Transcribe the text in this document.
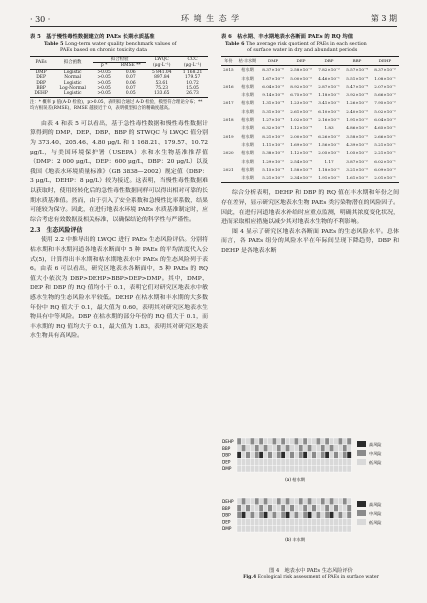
· 30 ·	环 境 生 态 学	第 3 期
表 5　基于慢性毒性数据建立的 PAEs 长期水质基准
Table 5 Long-term water quality benchmark values of
PAEs based on chronic toxicity data
PAEs	拟合函数	拟合检验		LWQC	CCC
		p *	RMSE **	(μg·L⁻¹)	(μg·L⁻¹)
DMP	Logistic	>0.05	0.06	5 841.04	1 168.21
DEP	Normal	>0.05	0.07	897.84	179.57
DBP	Logistic	>0.05	0.06	53.61	10.72
BBP	Log-Normal	>0.05	0.07	75.23	15.05
DEHP	Logistic	>0.05	0.05	133.65	26.73
注：* 概率 p 值(A-D 检验)，p>0.05，表明拟合通过 A-D 检验，模型符合理论分布；** 均方根误差(RMSE)，RMSE 越接近于 0，表明模型拟合的精确度越高。

由表 4 和表 5 可以看出，基于急性毒性数据和慢性毒性数据计算得到的 DMP、DEP、DBP、BBP 的 STWQC 与 LWQC 值分别为 373.40、205.46、4.80 μg/L 和 1 168.21、179.57、10.72 μg/L，与美国环境保护署（USEPA）水和水生物基准推荐值（DMP：2 000 μg/L，DEP：600 μg/L，DBP：20 μg/L）以及我国《地表水环境质量标准》（GB 3838—2002）规定值（DBP：3 μg/L，DEHP：8 μg/L）较为接近。这表明，当慢性毒性数据难以获取时，使用经转化后的急性毒性数据同样可以得出相对可靠的长期水质基准值。然而，由于引入了安全系数和急慢性比率系数，结果可能较为保守。因此，在进行地表水环境 PAEs 水质基准制定时，应综合考虑有效数据及相关标准，以确保结论的科学性与严谨性。

2.3　生态风险评估

使用 2.2 中推导出的 LWQC 进行 PAEs 生态风险评估。分别将枯水期和丰水期河道各地表水断面中 5 种 PAEs 的平均浓度代入公式(5)，计算得出丰水期和枯水期地表水中 PAEs 的生态风险列于表 6。由表 6 可以看出，研究区地表水各断面中，5 种 PAEs 的 RQ 值大小依次为 DBP>DEHP>BBP>DEP>DMP。其中，DMP、DEP 和 DBP 的 RQ 值均小于 0.1，表明它们对研究区地表水中敏感水生物的生态风险水平较低。DEHP 在枯水期和丰水期的大多数年份中 RQ 值大于 0.1，最大值为 0.60，表明其对研究区地表水生物具有中等风险。DBP 在枯水期的部分年份的 RQ 值大于 0.1，而丰水期的 RQ 值均大于 0.1，最大值为 1.83，表明其对研究区地表水生物具有高风险。

表 6　枯水期、丰水期地表水各断面 PAEs 的 RQ 均值
Table 6 The average risk quotient of PAEs in each section
of surface water in dry and abundant periods
年份	枯·丰水期	DMP	DEP	DBP	BBP	DEHP
2015	枯水期	8.37×10⁻⁶	2.58×10⁻⁵	7.82×10⁻²	5.57×10⁻⁴	8.37×10⁻²
	丰水期	1.67×10⁻⁵	5.00×10⁻⁵	4.46×10⁻¹	5.51×10⁻⁴	1.08×10⁻¹
2016	枯水期	6.04×10⁻⁵	8.92×10⁻⁵	2.87×10⁻¹	5.47×10⁻⁴	2.07×10⁻¹
	丰水期	9.14×10⁻⁶	6.75×10⁻⁶	1.18×10⁻¹	3.92×10⁻⁴	5.66×10⁻²
2017	枯水期	1.31×10⁻⁴	1.23×10⁻⁴	3.41×10⁻¹	1.26×10⁻²	7.95×10⁻²
	丰水期	5.31×10⁻⁵	2.61×10⁻⁵	6.10×10⁻¹	2.40×10⁻³	5.02×10⁻²
2018	枯水期	1.27×10⁻⁴	1.02×10⁻⁴	2.16×10⁻¹	1.91×10⁻²	6.04×10⁻²
	丰水期	6.32×10⁻⁴	1.12×10⁻⁴	1.83	4.86×10⁻²	4.65×10⁻¹
2019	枯水期	8.21×10⁻⁵	2.00×10⁻⁴	6.26×10⁻²	3.58×10⁻³	2.66×10⁻¹
	丰水期	1.11×10⁻⁵	1.69×10⁻⁵	1.56×10⁻¹	4.39×10⁻³	5.21×10⁻¹
2020	枯水期	5.38×10⁻⁵	1.12×10⁻⁴	2.05×10⁻¹	1.05×10⁻²	2.21×10⁻¹
	丰水期	1.29×10⁻⁵	2.54×10⁻⁴	1.17	3.87×10⁻²	6.02×10⁻¹
2021	枯水期	5.15×10⁻⁴	1.58×10⁻⁴	1.18×10⁻¹	3.21×10⁻³	6.09×10⁻²
	丰水期	5.21×10⁻⁵	2.34×10⁻⁵	1.91×10⁻¹	1.61×10⁻²	2.01×10⁻¹

综合分析表明，DEHP 和 DBP 的 RQ 值在丰水期和年份之间存在差异，显示研究区地表水生物 PAEs 类污染物潜在的风险因子。因此，在进行河道地表水补给时应重点监测，明确其浓度变化状况，进而采取相应措施以减少其对地表水生物的不利影响。

图 4 显示了研究区地表水各断面 PAEs 的生态风险水平。总体而言，各 PAEs 组分的风险水平在年际间呈现下降趋势，DBP 和 DEHP 是各地表水断

DEHP
BBP
DBP
DEP
DMP
高风险
中风险
低风险
(a) 枯水期
DEHP
BBP
DBP
DEP
DMP
高风险
中风险
低风险
(b) 丰水期
图 4　地表水中 PAEs 生态风险评价
Fig.4 Ecological risk assessment of PAEs in surface water
